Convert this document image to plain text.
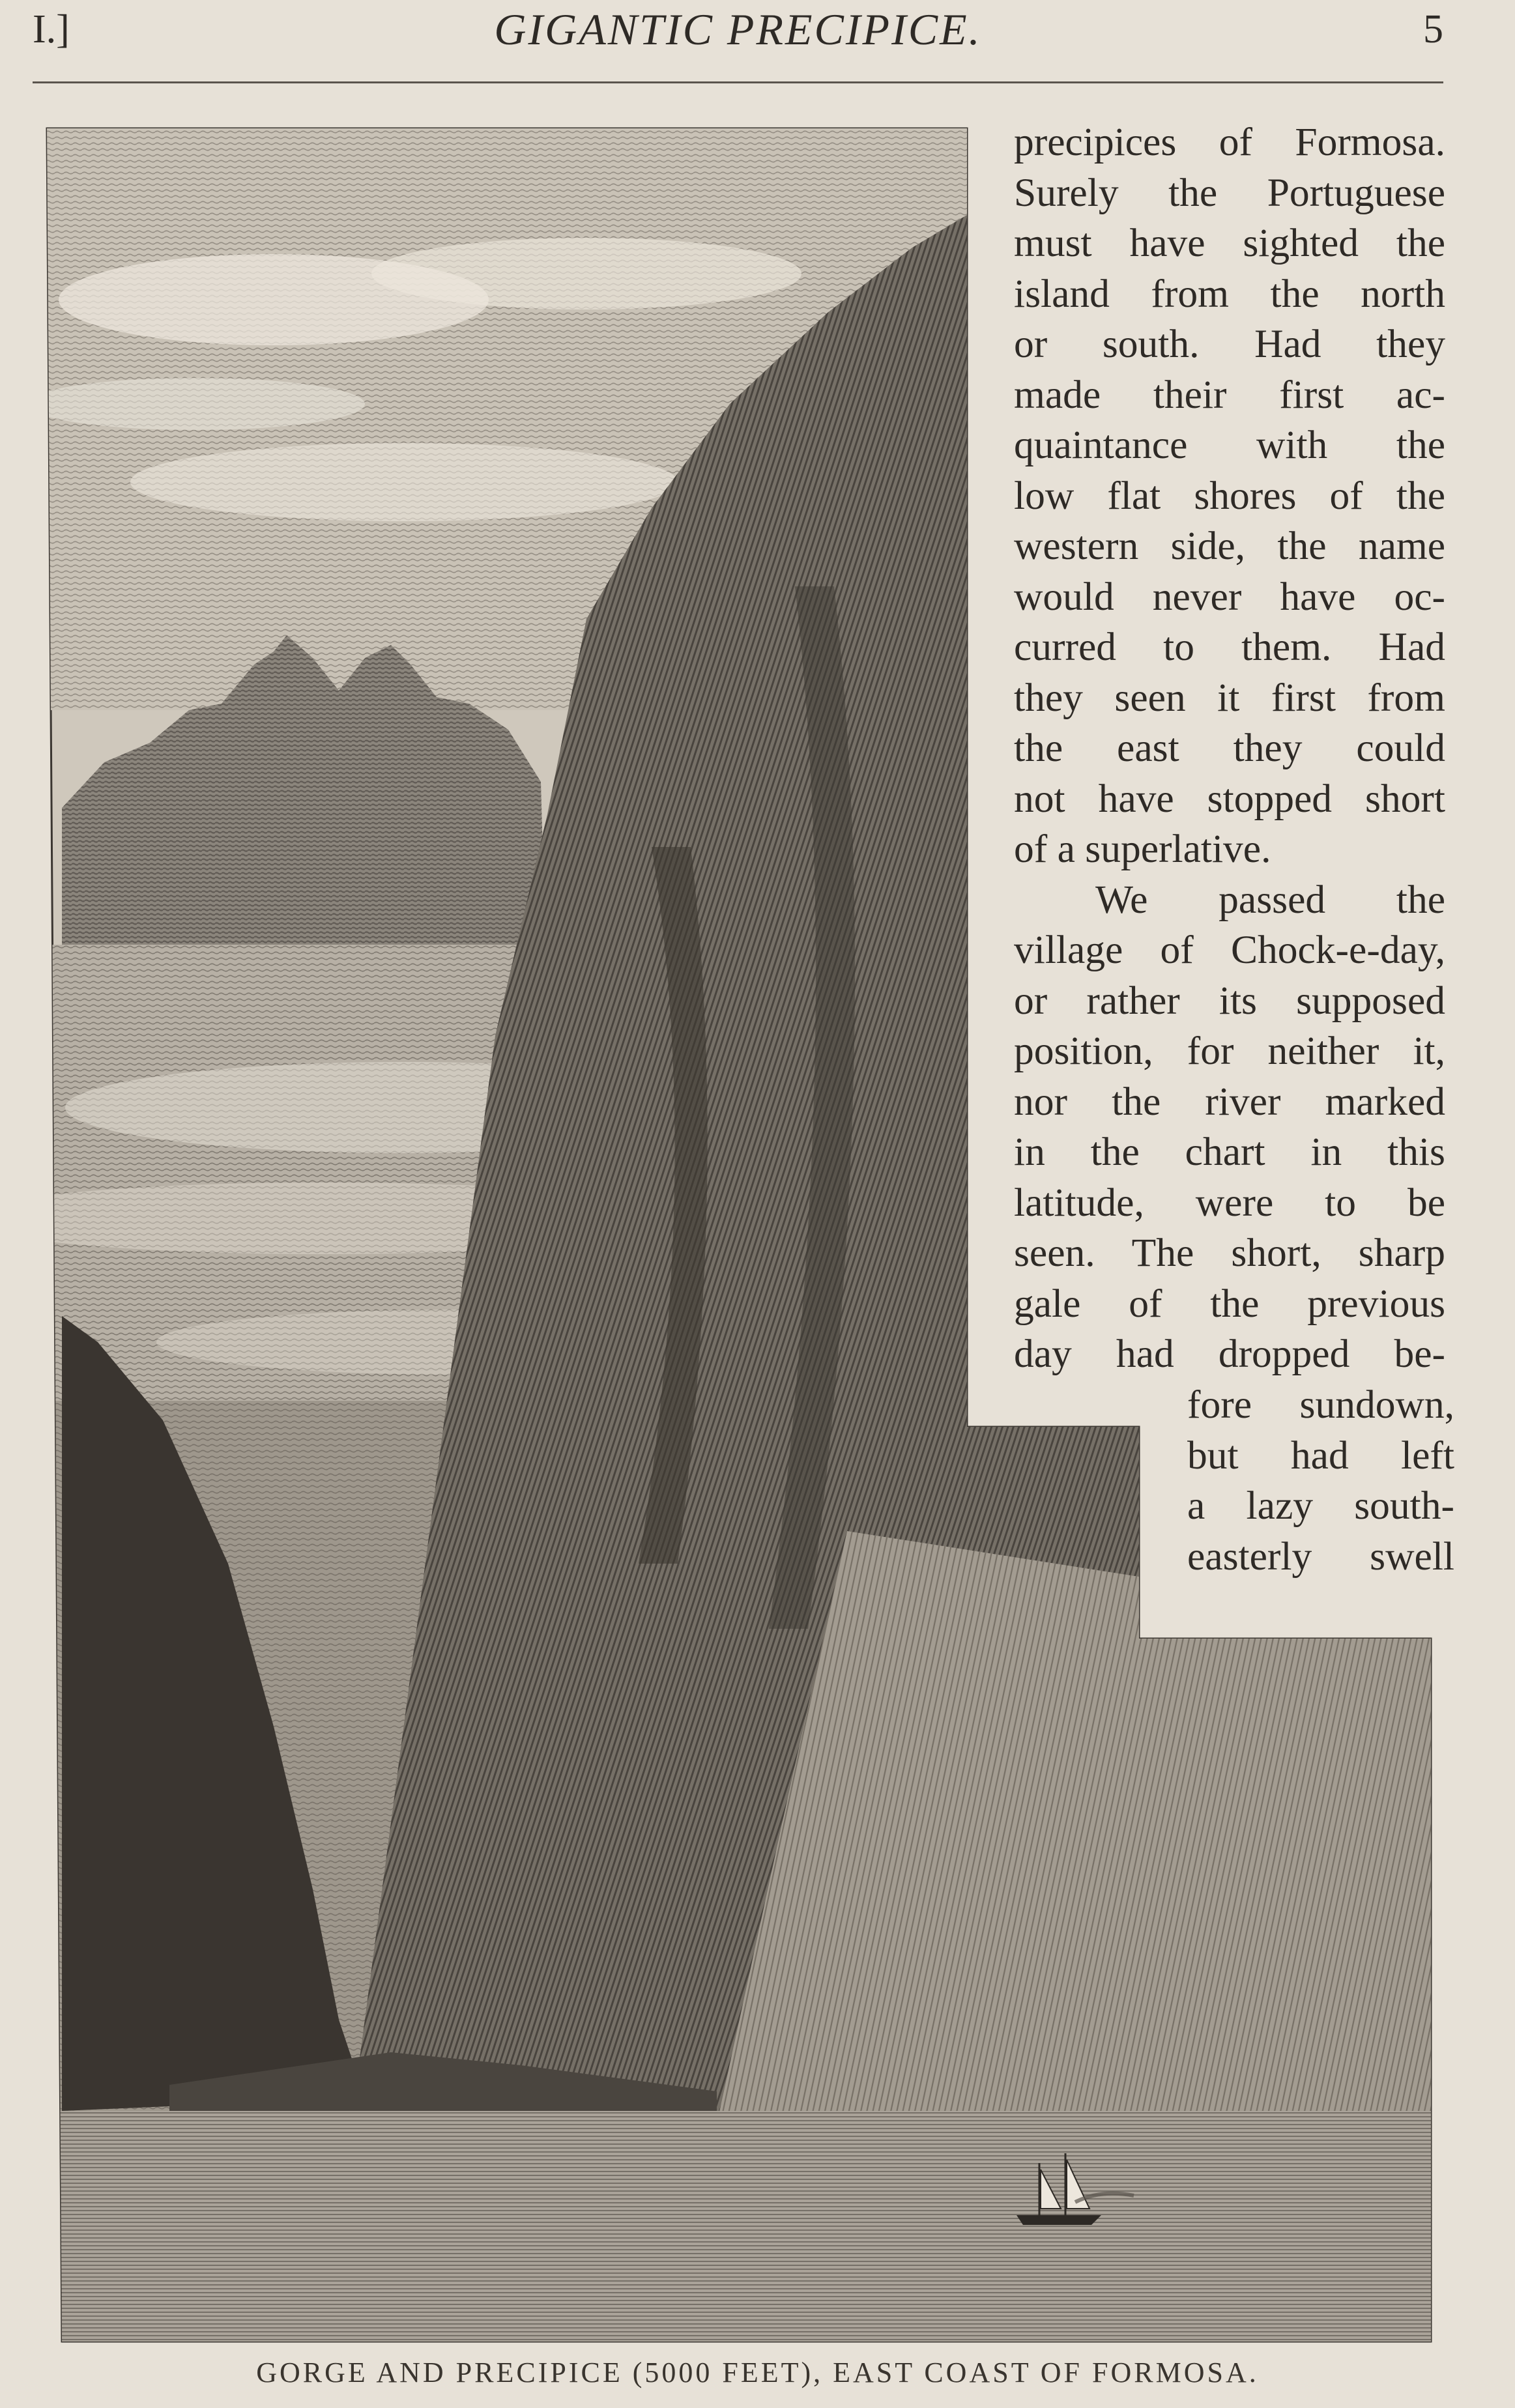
I.]	GIGANTIC PRECIPICE.	5
precipices of Formosa.
Surely the Portuguese
must have sighted the
island from the north
or south. Had they
made their first ac-
quaintance with the
low flat shores of the
western side, the name
would never have oc-
curred to them. Had
they seen it first from
the east they could
not have stopped short
of a superlative.
We passed the
village of Chock-e-day,
or rather its supposed
position, for neither it,
nor the river marked
in the chart in this
latitude, were to be
seen. The short, sharp
gale of the previous
day had dropped be-
fore sundown,
but had left
a lazy south-
easterly swell
GORGE AND PRECIPICE (5000 FEET), EAST COAST OF FORMOSA.
